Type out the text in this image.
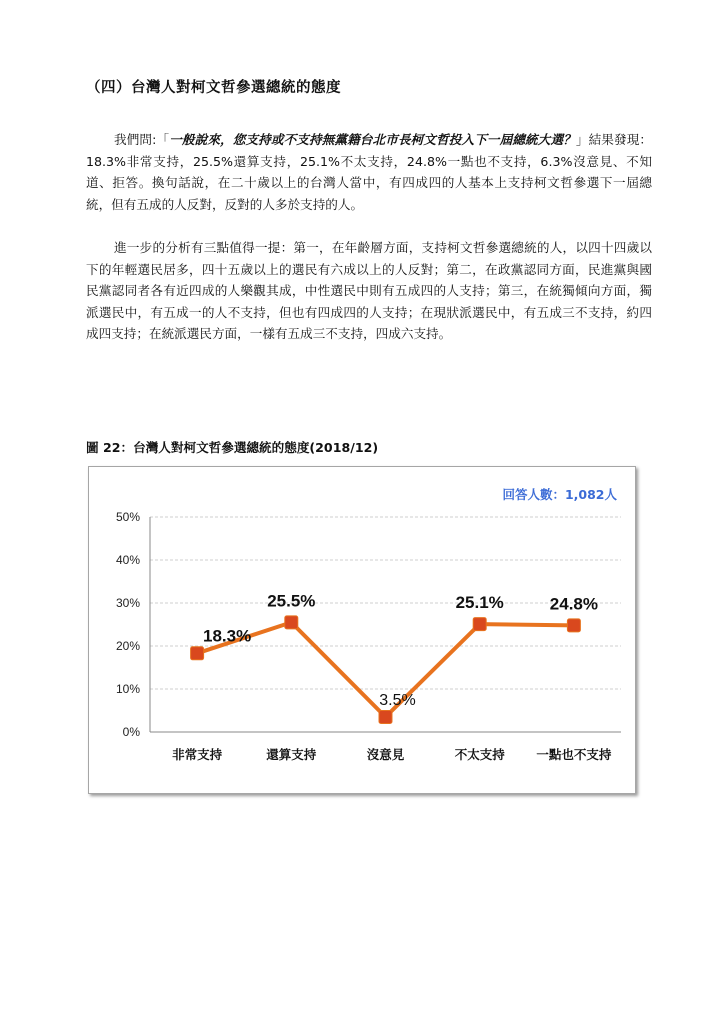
（四）台灣人對柯文哲參選總統的態度
我們問:「一般說來，您支持或不支持無黨籍台北市長柯文哲投入下一屆總統大選？」結果發現：18.3%非常支持，25.5%還算支持，25.1%不太支持，24.8%一點也不支持，6.3%沒意見、不知道、拒答。換句話說，在二十歲以上的台灣人當中，有四成四的人基本上支持柯文哲參選下一屆總統，但有五成的人反對，反對的人多於支持的人。
進一步的分析有三點值得一提：第一，在年齡層方面，支持柯文哲參選總統的人，以四十四歲以下的年輕選民居多，四十五歲以上的選民有六成以上的人反對；第二，在政黨認同方面，民進黨與國民黨認同者各有近四成的人樂觀其成，中性選民中則有五成四的人支持；第三，在統獨傾向方面，獨派選民中，有五成一的人不支持，但也有四成四的人支持；在現狀派選民中，有五成三不支持，約四成四支持；在統派選民方面，一樣有五成三不支持，四成六支持。
圖 22：台灣人對柯文哲參選總統的態度(2018/12)
回答人數：1,082人
0%
10%
20%
30%
40%
50%
非常支持	還算支持	沒意見	不太支持	一點也不支持
18.3%
25.5%
3.5%
25.1%	24.8%
